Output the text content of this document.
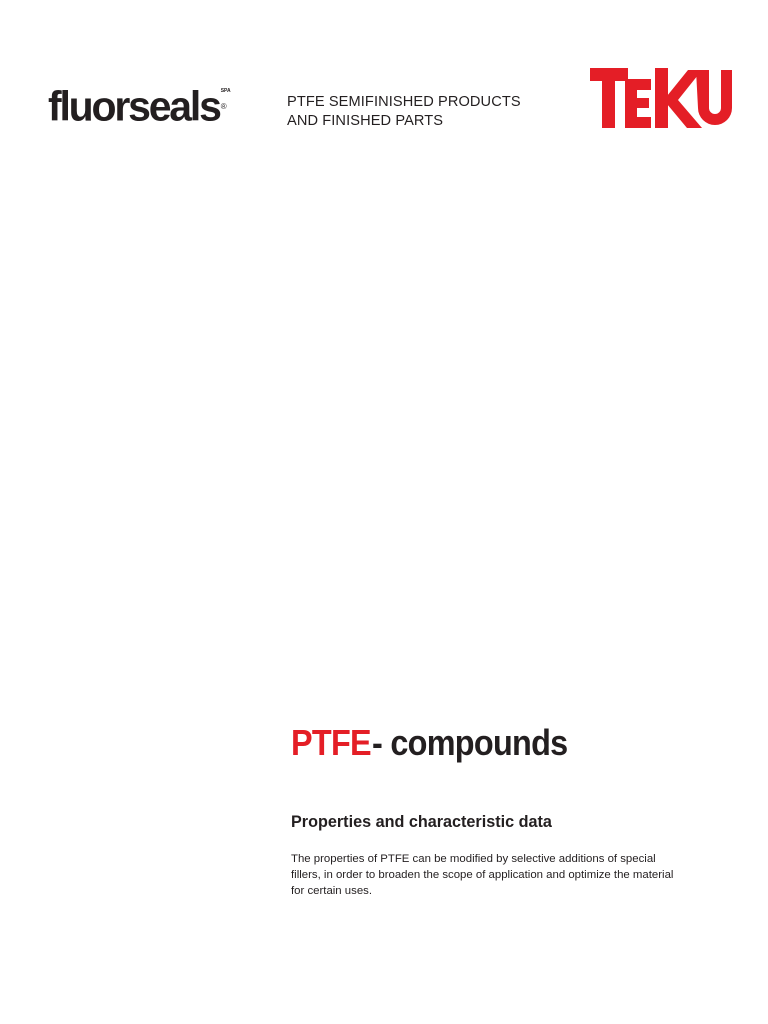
fluorseals SPA
®	PTFE SEMIFINISHED PRODUCTS
AND FINISHED PARTS
PTFE- compounds
Properties and characteristic data
The properties of PTFE can be modified by selective additions of special
fillers, in order to broaden the scope of application and optimize the material
for certain uses.
